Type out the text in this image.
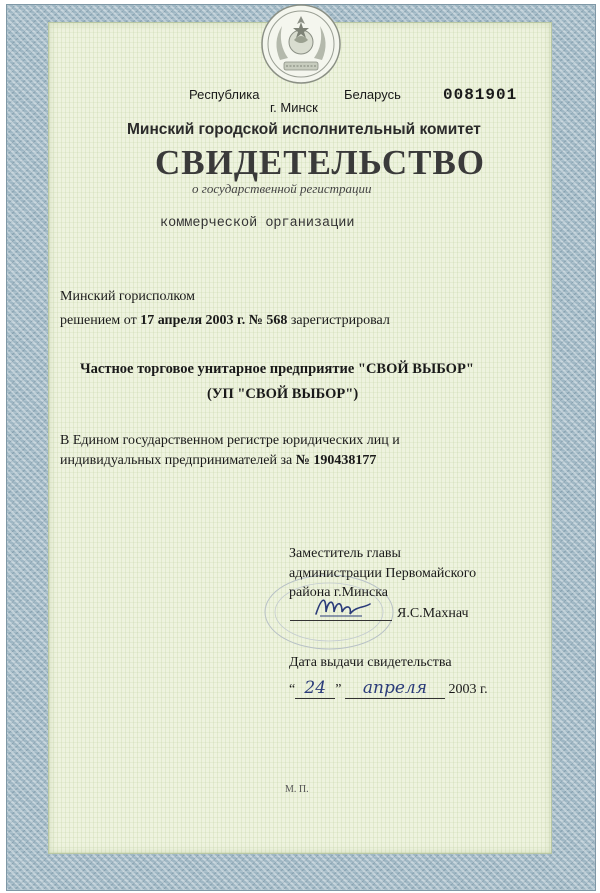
Республика	Беларусь
г. Минск
0081901
Минский городской исполнительный комитет
СВИДЕТЕЛЬСТВО
о государственной регистрации
коммерческой организации
Минский горисполком
решением от 17 апреля 2003 г. № 568 зарегистрировал
Частное торговое унитарное предприятие "СВОЙ ВЫБОР"
(УП "СВОЙ ВЫБОР")
В Едином государственном регистре юридических лиц и
индивидуальных предпринимателей за № 190438177
Заместитель главы
администрации Первомайского
района г.Минска
Я.С.Махнач
Дата выдачи свидетельства
“ 24 ” апреля 2003 г.
М. П.
